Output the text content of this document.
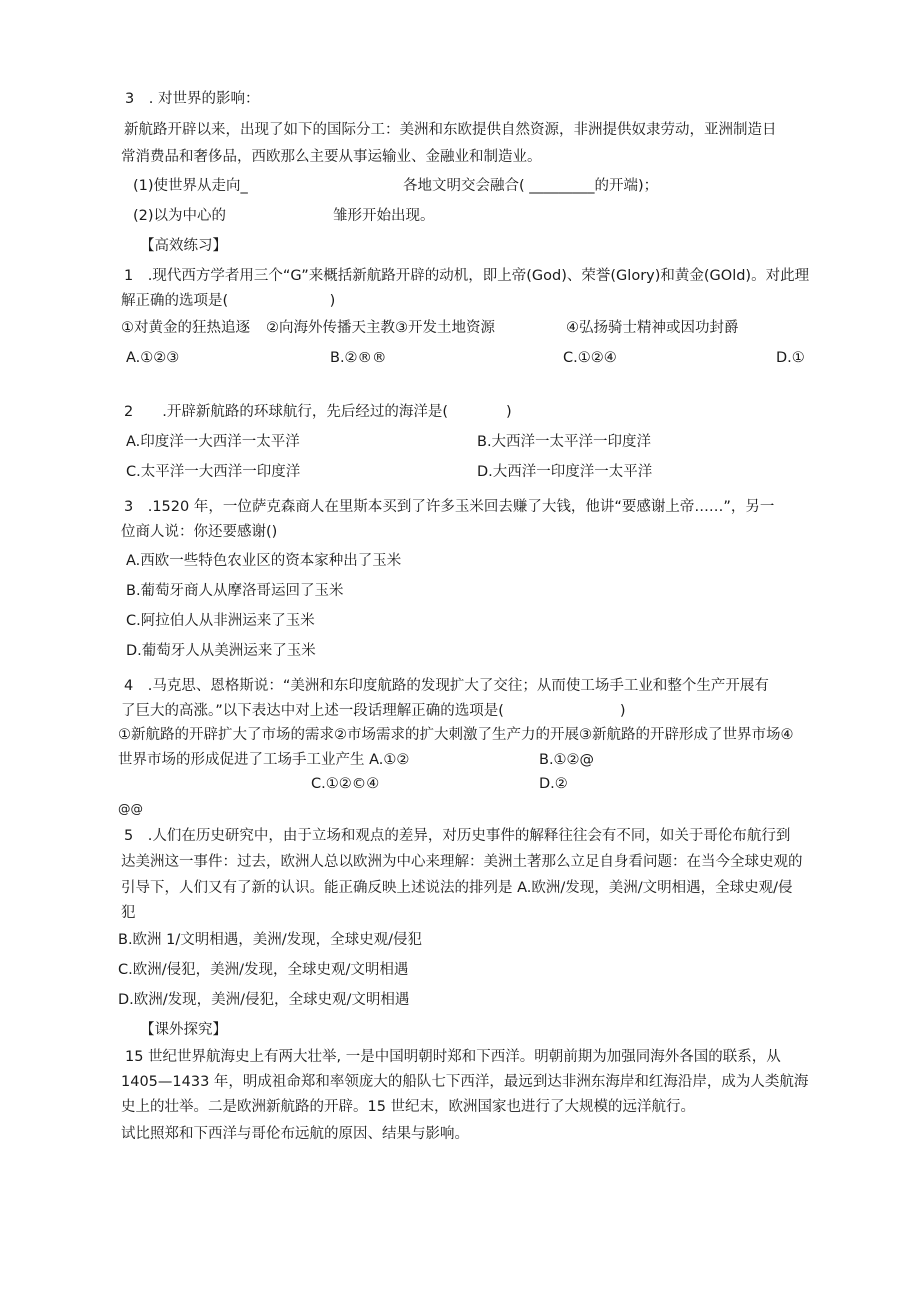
3　. 对世界的影响：
新航路开辟以来，出现了如下的国际分工：美洲和东欧提供自然资源，非洲提供奴隶劳动，亚洲制造日
常消费品和奢侈品，西欧那么主要从事运输业、金融业和制造业。
(1)使世界从走向_	各地文明交会融合( _________的开端)；
(2)以为中心的	雏形开始出现。
【高效练习】
1　.现代西方学者用三个“G”来概括新航路开辟的动机，即上帝(God)、荣誉(Glory)和黄金(GOld)。对此理
解正确的选项是(　　　　　　　)
①对黄金的狂热追逐 ②向海外传播天主教③开发土地资源	④弘扬骑士精神或因功封爵
A.①②③	B.②®®	C.①②④	D.①
2　　.开辟新航路的环球航行，先后经过的海洋是(　　　　)
A.印度洋一大西洋一太平洋	B.大西洋一太平洋一印度洋
C.太平洋一大西洋一印度洋	D.大西洋一印度洋一太平洋
3　.1520 年，一位萨克森商人在里斯本买到了许多玉米回去赚了大钱，他讲“要感谢上帝……”，另一
位商人说：你还要感谢()
A.西欧一些特色农业区的资本家种出了玉米
B.葡萄牙商人从摩洛哥运回了玉米
C.阿拉伯人从非洲运来了玉米
D.葡萄牙人从美洲运来了玉米
4　.马克思、恩格斯说：“美洲和东印度航路的发现扩大了交往；从而使工场手工业和整个生产开展有
了巨大的高涨。”以下表达中对上述一段话理解正确的选项是(　　　　　　　　)
①新航路的开辟扩大了市场的需求②市场需求的扩大刺激了生产力的开展③新航路的开辟形成了世界市场④
世界市场的形成促进了工场手工业产生 A.①②	B.①②@
C.①②©④	D.②
@@
5　.人们在历史研究中，由于立场和观点的差异，对历史事件的解释往往会有不同，如关于哥伦布航行到
达美洲这一事件：过去，欧洲人总以欧洲为中心来理解：美洲土著那么立足自身看问题：在当今全球史观的
引导下，人们又有了新的认识。能正确反映上述说法的排列是 A.欧洲/发现，美洲/文明相遇，全球史观/侵
犯
B.欧洲 1/文明相遇，美洲/发现，全球史观/侵犯
C.欧洲/侵犯，美洲/发现，全球史观/文明相遇
D.欧洲/发现，美洲/侵犯，全球史观/文明相遇
【课外探究】
15 世纪世界航海史上有两大壮举, 一是中国明朝时郑和下西洋。明朝前期为加强同海外各国的联系，从
1405—1433 年，明成祖命郑和率领庞大的船队七下西洋，最远到达非洲东海岸和红海沿岸，成为人类航海
史上的壮举。二是欧洲新航路的开辟。15 世纪末，欧洲国家也进行了大规模的远洋航行。
试比照郑和下西洋与哥伦布远航的原因、结果与影响。
